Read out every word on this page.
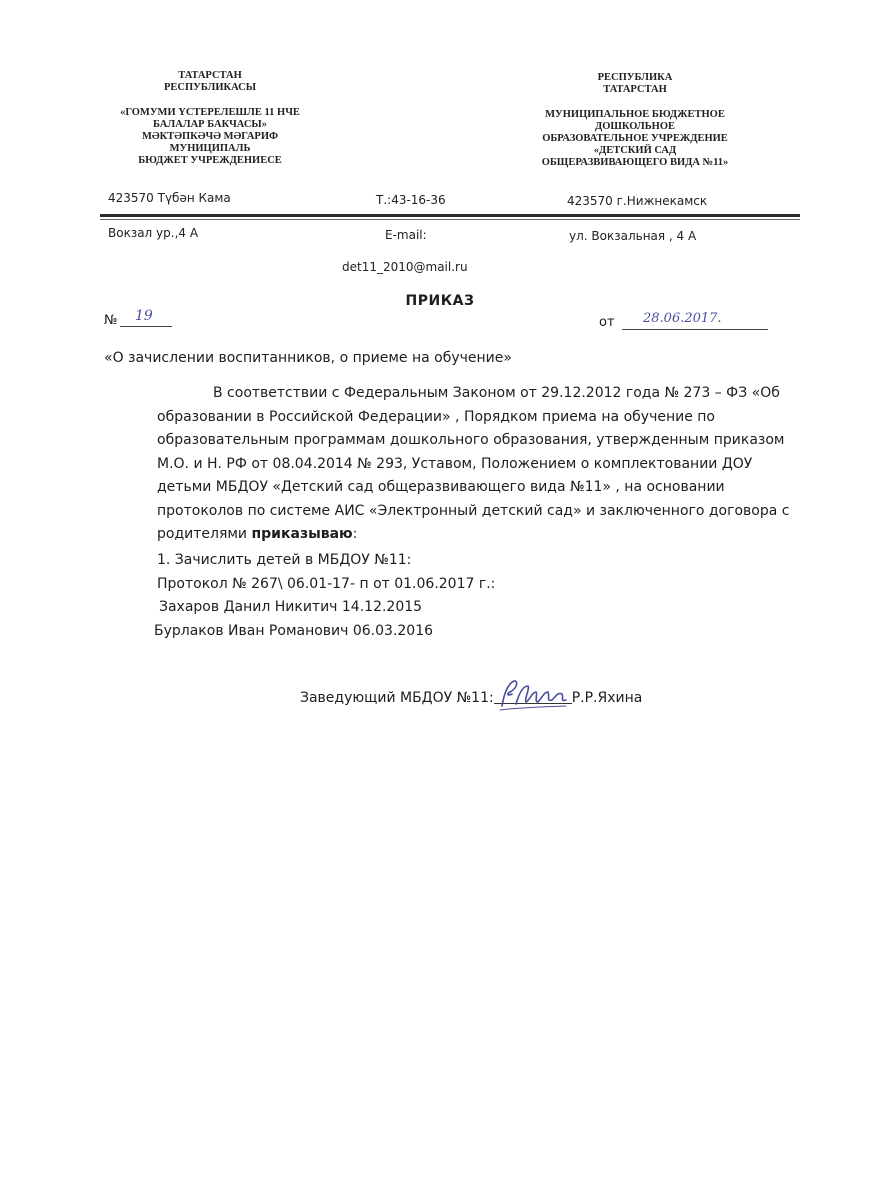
ТАТАРСТАН
РЕСПУБЛИКАСЫ
«ГОМУМИ ҮСТЕРЕЛЕШЛЕ 11 НЧЕ
БАЛАЛАР БАКЧАСЫ»
МӘКТӘПКӘЧӘ МӘГАРИФ
МУНИЦИПАЛЬ
БЮДЖЕТ УЧРЕЖДЕНИЕСЕ
РЕСПУБЛИКА
ТАТАРСТАН
МУНИЦИПАЛЬНОЕ БЮДЖЕТНОЕ
ДОШКОЛЬНОЕ
ОБРАЗОВАТЕЛЬНОЕ УЧРЕЖДЕНИЕ
«ДЕТСКИЙ САД
ОБЩЕРАЗВИВАЮЩЕГО ВИДА №11»
423570 Түбән Кама	Т.:43-16-36	423570 г.Нижнекамск
Вокзал ур.,4 А	E-mail:	ул. Вокзальная , 4 А
det11_2010@mail.ru
ПРИКАЗ
№ 19	от 28.06.2017.
«О зачислении воспитанников, о приеме на обучение»
В соответствии с Федеральным Законом от 29.12.2012 года № 273 – ФЗ «Об
образовании в Российской Федерации» , Порядком приема на обучение по
образовательным программам дошкольного образования, утвержденным приказом
М.О. и Н. РФ от 08.04.2014 № 293, Уставом, Положением о комплектовании ДОУ
детьми МБДОУ «Детский сад общеразвивающего вида №11» , на основании
протоколов по системе АИС «Электронный детский сад» и заключенного договора с
родителями приказываю:
1. Зачислить детей в МБДОУ №11:
Протокол № 267\ 06.01-17- п от 01.06.2017 г.:
Захаров Данил Никитич 14.12.2015
Бурлаков Иван Романович 06.03.2016
Заведующий МБДОУ №11:	Р.Р.Яхина
